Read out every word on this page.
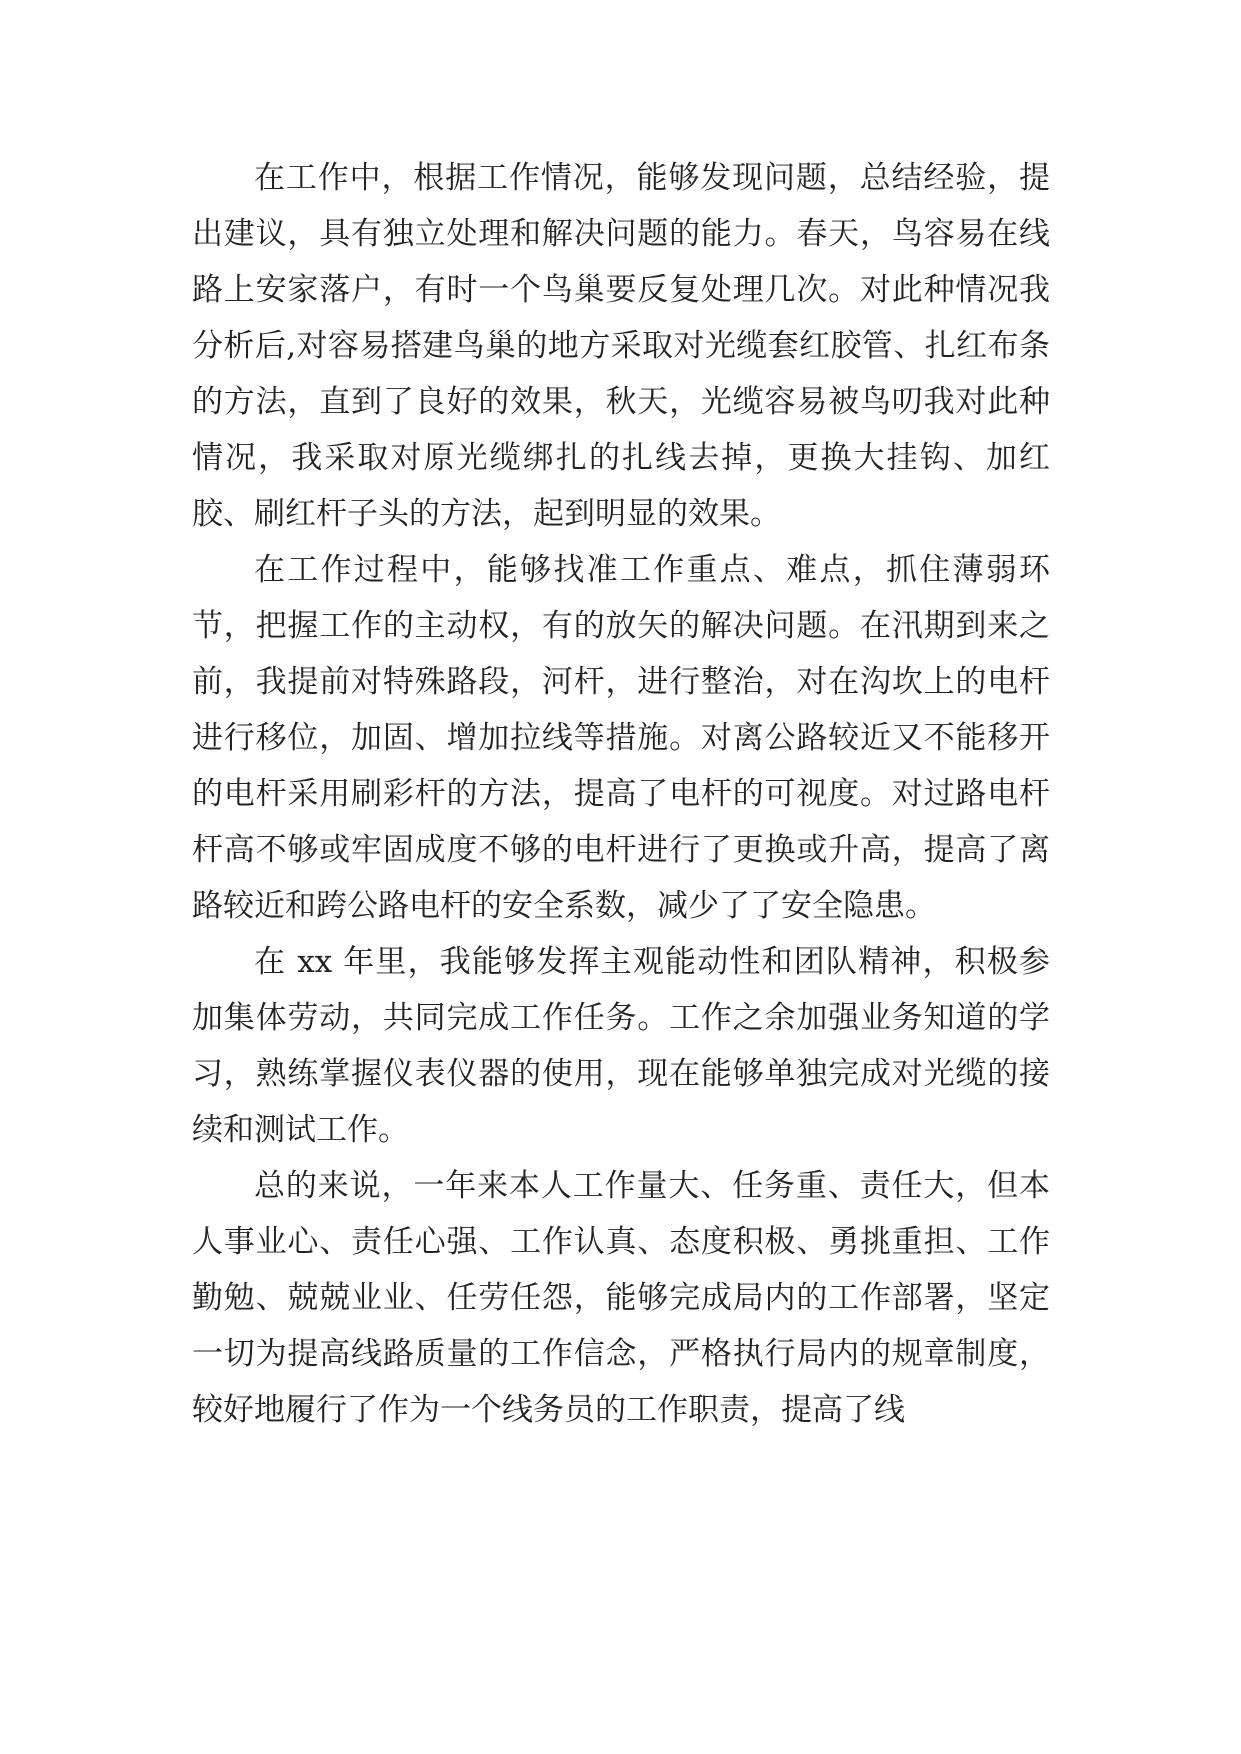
在工作中，根据工作情况，能够发现问题，总结经验，提出建议，具有独立处理和解决问题的能力。春天，鸟容易在线路上安家落户，有时一个鸟巢要反复处理几次。对此种情况我分析后,对容易搭建鸟巢的地方采取对光缆套红胶管、扎红布条的方法，直到了良好的效果，秋天，光缆容易被鸟叨我对此种情况，我采取对原光缆绑扎的扎线去掉，更换大挂钩、加红胶、刷红杆子头的方法，起到明显的效果。

在工作过程中，能够找准工作重点、难点，抓住薄弱环节，把握工作的主动权，有的放矢的解决问题。在汛期到来之前，我提前对特殊路段，河杆，进行整治，对在沟坎上的电杆进行移位，加固、增加拉线等措施。对离公路较近又不能移开的电杆采用刷彩杆的方法，提高了电杆的可视度。对过路电杆杆高不够或牢固成度不够的电杆进行了更换或升高，提高了离路较近和跨公路电杆的安全系数，减少了了安全隐患。

在 xx 年里，我能够发挥主观能动性和团队精神，积极参加集体劳动，共同完成工作任务。工作之余加强业务知道的学习，熟练掌握仪表仪器的使用，现在能够单独完成对光缆的接续和测试工作。

总的来说，一年来本人工作量大、任务重、责任大，但本人事业心、责任心强、工作认真、态度积极、勇挑重担、工作勤勉、兢兢业业、任劳任怨，能够完成局内的工作部署，坚定一切为提高线路质量的工作信念，严格执行局内的规章制度，较好地履行了作为一个线务员的工作职责，提高了线
